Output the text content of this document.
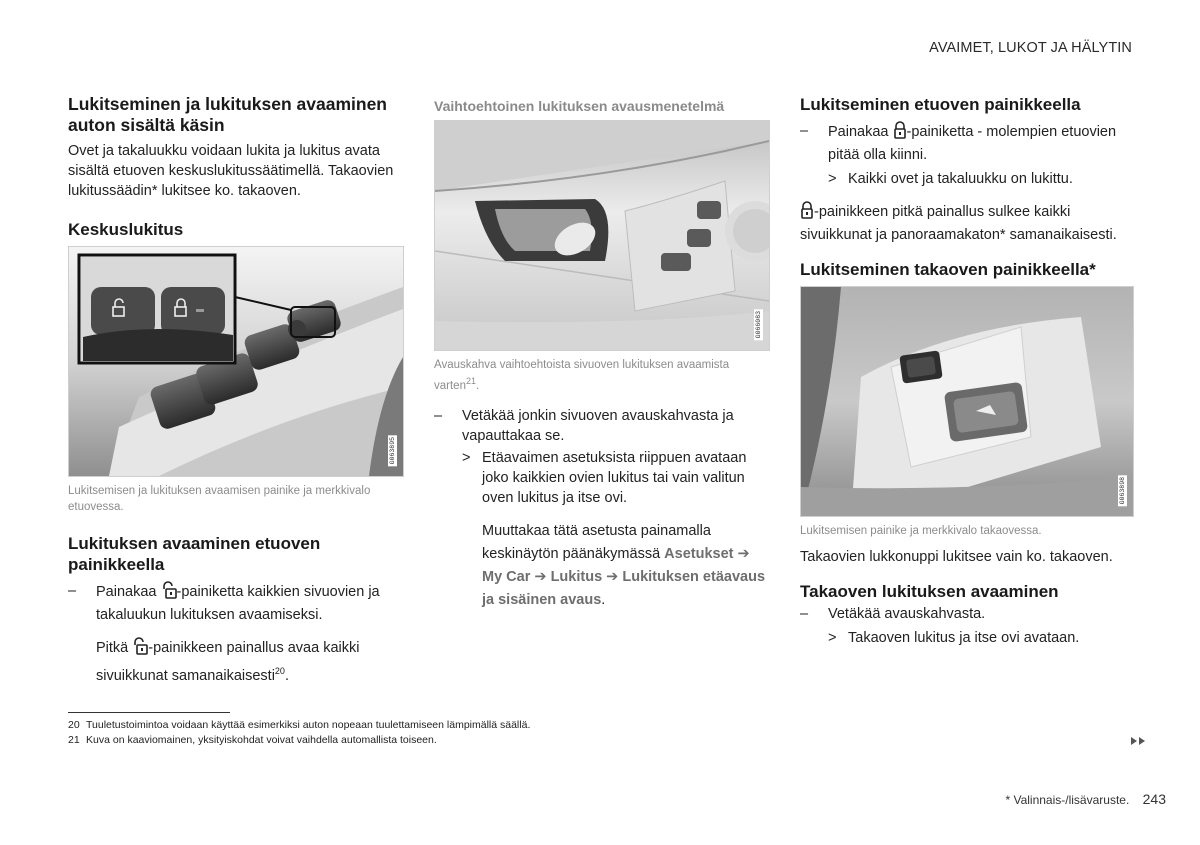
AVAIMET, LUKOT JA HÄLYTIN
Lukitseminen ja lukituksen avaaminen auton sisältä käsin

Ovet ja takaluukku voidaan lukita ja lukitus avata sisältä etuoven keskuslukitussäätimellä. Takaovien lukitussäädin* lukitsee ko. takaoven.

Keskuslukitus
G063895

Lukitsemisen ja lukituksen avaamisen painike ja merkkivalo etuovessa.

Lukituksen avaaminen etuoven painikkeella

–	Painakaa -painiketta kaikkien sivuovien ja takaluukun lukituksen avaamiseksi.

Pitkä -painikkeen painallus avaa kaikki sivuikkunat samanaikaisesti$^{20}$.

Vaihtoehtoinen lukituksen avausmenetelmä
G066083

Avauskahva vaihtoehtoista sivuoven lukituksen avaamista varten$^{21}$.

–	Vetäkää jonkin sivuoven avauskahvasta ja vapauttakaa se.

> Etäavaimen asetuksista riippuen avataan joko kaikkien ovien lukitus tai vain valitun oven lukitus ja itse ovi.

Muuttakaa tätä asetusta painamalla keskinäytön päänäkymässä Asetukset ➔ My Car ➔ Lukitus ➔ Lukituksen etäavaus ja sisäinen avaus.

Lukitseminen etuoven painikkeella

–	Painakaa -painiketta - molempien etuovien pitää olla kiinni.

> Kaikki ovet ja takaluukku on lukittu.

-painikkeen pitkä painallus sulkee kaikki sivuikkunat ja panoraamakaton* samanaikaisesti.

Lukitseminen takaoven painikkeella*
G063898

Lukitsemisen painike ja merkkivalo takaovessa.

Takaovien lukkonuppi lukitsee vain ko. takaoven.

Takaoven lukituksen avaaminen

–	Vetäkää avauskahvasta.

> Takaoven lukitus ja itse ovi avataan.

20 Tuuletustoimintoa voidaan käyttää esimerkiksi auton nopeaan tuulettamiseen lämpimällä säällä.

21 Kuva on kaaviomainen, yksityiskohdat voivat vaihdella automallista toiseen.

* Valinnais-/lisävaruste. 243
